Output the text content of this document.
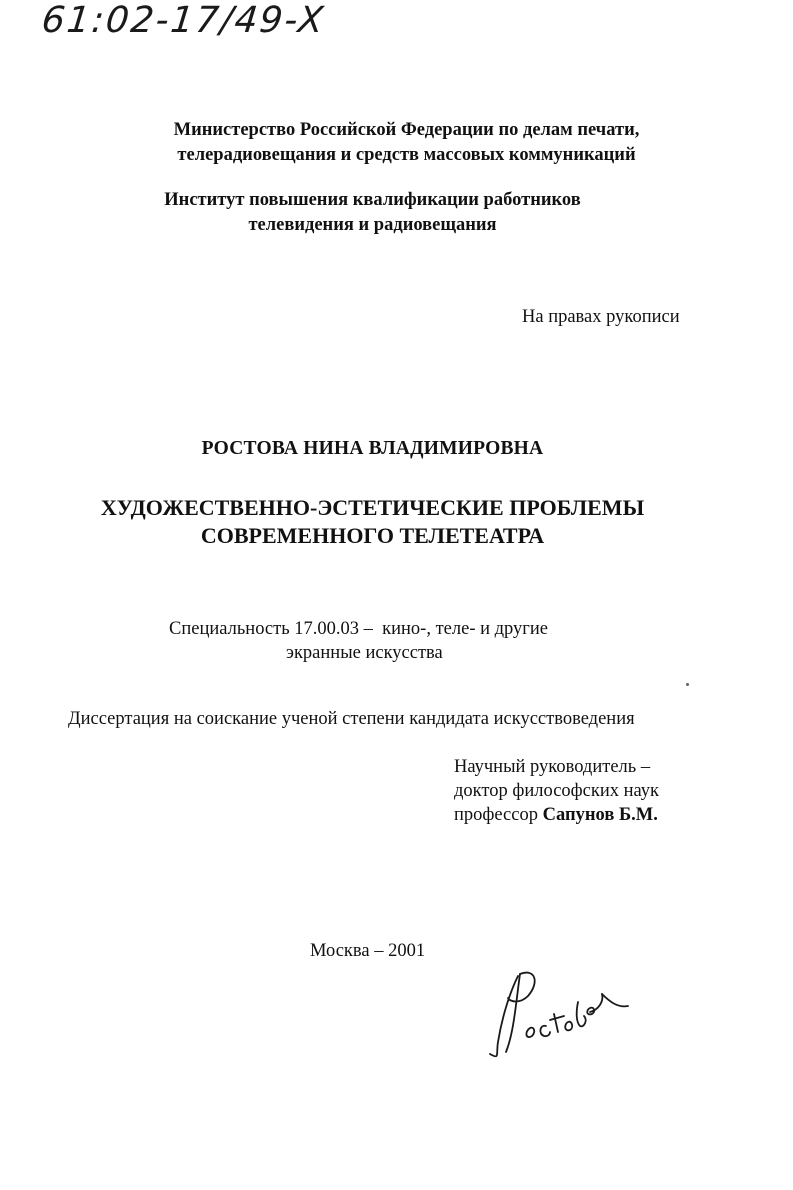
61:02-17/49-X
Министерство Российской Федерации по делам печати,
телерадиовещания и средств массовых коммуникаций
Институт повышения квалификации работников
телевидения и радиовещания
На правах рукописи
РОСТОВА НИНА ВЛАДИМИРОВНА
ХУДОЖЕСТВЕННО-ЭСТЕТИЧЕСКИЕ ПРОБЛЕМЫ
СОВРЕМЕННОГО ТЕЛЕТЕАТРА
Специальность 17.00.03 –  кино-, теле- и другие
экранные искусства
Диссертация на соискание ученой степени кандидата искусствоведения
Научный руководитель –
доктор философских наук
профессор Сапунов Б.М.
Москва – 2001
